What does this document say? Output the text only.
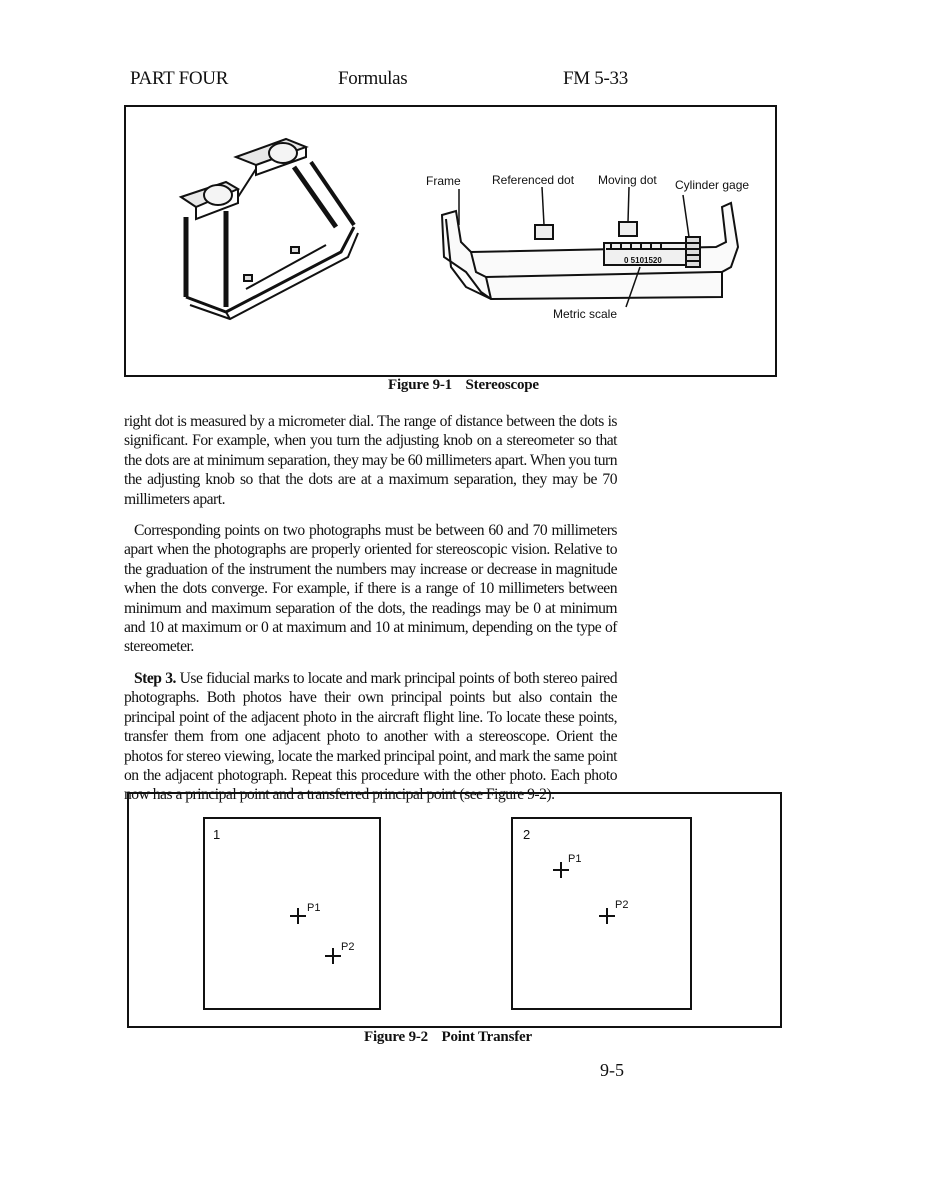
PART FOUR	Formulas	FM 5-33
Frame	Referenced dot Moving dot Cylinder gage
Metric scale
0 5101520
Figure 9-1 Stereoscope

right dot is measured by a micrometer dial. The range of distance between the dots is significant. For example, when you turn the adjusting knob on a stereometer so that the dots are at minimum separation, they may be 60 millimeters apart. When you turn the adjusting knob so that the dots are at a maximum separation, they may be 70 millimeters apart.

Corresponding points on two photographs must be between 60 and 70 millimeters apart when the photographs are properly oriented for stereoscopic vision. Relative to the graduation of the instrument the numbers may increase or decrease in magnitude when the dots converge. For example, if there is a range of 10 millimeters between minimum and maximum separation of the dots, the readings may be 0 at minimum and 10 at maximum or 0 at maximum and 10 at minimum, depending on the type of stereometer.

Step 3. Use fiducial marks to locate and mark principal points of both stereo paired photographs. Both photos have their own principal points but also contain the principal point of the adjacent photo in the aircraft flight line. To locate these points, transfer them from one adjacent photo to another with a stereoscope. Orient the photos for stereo viewing, locate the marked principal point, and mark the same point on the adjacent photograph. Repeat this procedure with the other photo. Each photo now has a principal point and a transferred principal point (see Figure 9-2).

1
P1
P2
2
P1
P2
Figure 9-2 Point Transfer
9-5
